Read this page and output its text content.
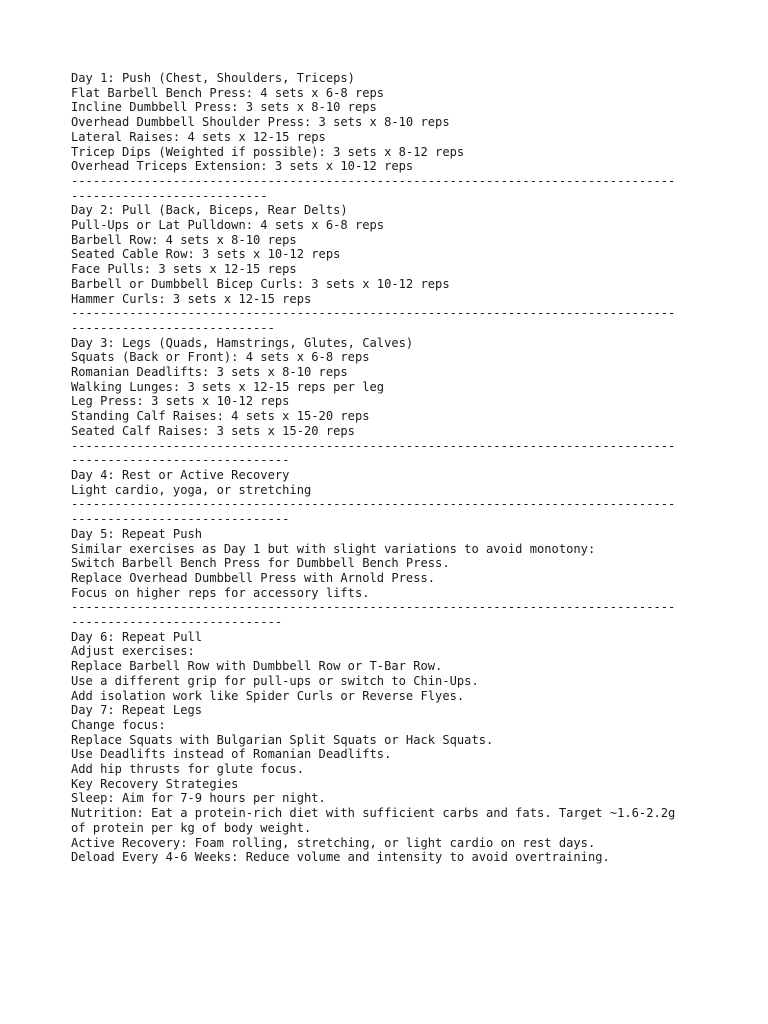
Day 1: Push (Chest, Shoulders, Triceps)
Flat Barbell Bench Press: 4 sets x 6-8 reps
Incline Dumbbell Press: 3 sets x 8-10 reps
Overhead Dumbbell Shoulder Press: 3 sets x 8-10 reps
Lateral Raises: 4 sets x 12-15 reps
Tricep Dips (Weighted if possible): 3 sets x 8-12 reps
Overhead Triceps Extension: 3 sets x 10-12 reps
-----------------------------------------------------------------------------------
---------------------------
Day 2: Pull (Back, Biceps, Rear Delts)
Pull-Ups or Lat Pulldown: 4 sets x 6-8 reps
Barbell Row: 4 sets x 8-10 reps
Seated Cable Row: 3 sets x 10-12 reps
Face Pulls: 3 sets x 12-15 reps
Barbell or Dumbbell Bicep Curls: 3 sets x 10-12 reps
Hammer Curls: 3 sets x 12-15 reps
-----------------------------------------------------------------------------------
----------------------------
Day 3: Legs (Quads, Hamstrings, Glutes, Calves)
Squats (Back or Front): 4 sets x 6-8 reps
Romanian Deadlifts: 3 sets x 8-10 reps
Walking Lunges: 3 sets x 12-15 reps per leg
Leg Press: 3 sets x 10-12 reps
Standing Calf Raises: 4 sets x 15-20 reps
Seated Calf Raises: 3 sets x 15-20 reps
-----------------------------------------------------------------------------------
------------------------------
Day 4: Rest or Active Recovery
Light cardio, yoga, or stretching
-----------------------------------------------------------------------------------
------------------------------
Day 5: Repeat Push
Similar exercises as Day 1 but with slight variations to avoid monotony:
Switch Barbell Bench Press for Dumbbell Bench Press.
Replace Overhead Dumbbell Press with Arnold Press.
Focus on higher reps for accessory lifts.
-----------------------------------------------------------------------------------
-----------------------------
Day 6: Repeat Pull
Adjust exercises:
Replace Barbell Row with Dumbbell Row or T-Bar Row.
Use a different grip for pull-ups or switch to Chin-Ups.
Add isolation work like Spider Curls or Reverse Flyes.
Day 7: Repeat Legs
Change focus:
Replace Squats with Bulgarian Split Squats or Hack Squats.
Use Deadlifts instead of Romanian Deadlifts.
Add hip thrusts for glute focus.
Key Recovery Strategies
Sleep: Aim for 7-9 hours per night.
Nutrition: Eat a protein-rich diet with sufficient carbs and fats. Target ~1.6-2.2g
of protein per kg of body weight.
Active Recovery: Foam rolling, stretching, or light cardio on rest days.
Deload Every 4-6 Weeks: Reduce volume and intensity to avoid overtraining.
